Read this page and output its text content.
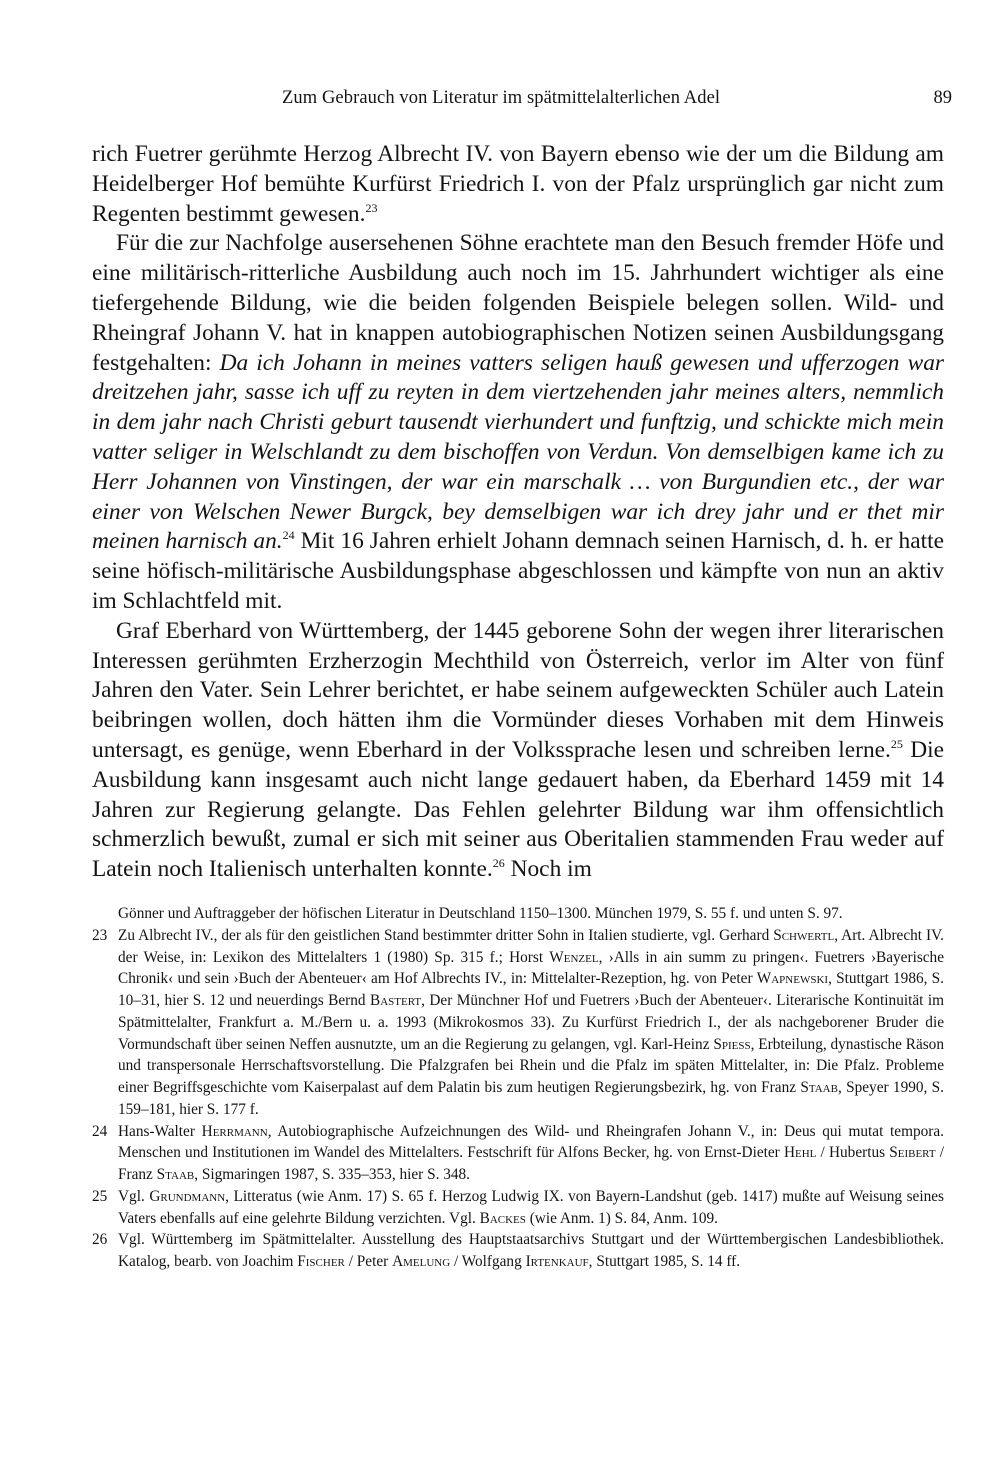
Zum Gebrauch von Literatur im spätmittelalterlichen Adel	89

rich Fuetrer gerühmte Herzog Albrecht IV. von Bayern ebenso wie der um die Bildung am Heidelberger Hof bemühte Kurfürst Friedrich I. von der Pfalz ursprünglich gar nicht zum Regenten bestimmt gewesen.$^{23}$

Für die zur Nachfolge ausersehenen Söhne erachtete man den Besuch fremder Höfe und eine militärisch-ritterliche Ausbildung auch noch im 15. Jahrhundert wichtiger als eine tiefergehende Bildung, wie die beiden folgenden Beispiele belegen sollen. Wild- und Rheingraf Johann V. hat in knappen autobiographischen Notizen seinen Ausbildungsgang festgehalten: Da ich Johann in meines vatters seligen hauß gewesen und ufferzogen war dreitzehen jahr, sasse ich uff zu reyten in dem viertzehenden jahr meines alters, nemmlich in dem jahr nach Christi geburt tausendt vierhundert und funftzig, und schickte mich mein vatter seliger in Welschlandt zu dem bischoffen von Verdun. Von demselbigen kame ich zu Herr Johannen von Vinstingen, der war ein marschalk … von Burgundien etc., der war einer von Welschen Newer Burgck, bey demselbigen war ich drey jahr und er thet mir meinen harnisch an.$^{24}$ Mit 16 Jahren erhielt Johann demnach seinen Harnisch, d. h. er hatte seine höfisch-militärische Ausbildungsphase abgeschlossen und kämpfte von nun an aktiv im Schlachtfeld mit.

Graf Eberhard von Württemberg, der 1445 geborene Sohn der wegen ihrer literarischen Interessen gerühmten Erzherzogin Mechthild von Österreich, verlor im Alter von fünf Jahren den Vater. Sein Lehrer berichtet, er habe seinem aufgeweckten Schüler auch Latein beibringen wollen, doch hätten ihm die Vormünder dieses Vorhaben mit dem Hinweis untersagt, es genüge, wenn Eberhard in der Volkssprache lesen und schreiben lerne.$^{25}$ Die Ausbildung kann insgesamt auch nicht lange gedauert haben, da Eberhard 1459 mit 14 Jahren zur Regierung gelangte. Das Fehlen gelehrter Bildung war ihm offensichtlich schmerzlich bewußt, zumal er sich mit seiner aus Oberitalien stammenden Frau weder auf Latein noch Italienisch unterhalten konnte.$^{26}$ Noch im

Gönner und Auftraggeber der höfischen Literatur in Deutschland 1150–1300. München 1979, S. 55 f. und unten S. 97.

23 Zu Albrecht IV., der als für den geistlichen Stand bestimmter dritter Sohn in Italien studierte, vgl. Gerhard Schwertl, Art. Albrecht IV. der Weise, in: Lexikon des Mittelalters 1 (1980) Sp. 315 f.; Horst Wenzel, ›Alls in ain summ zu pringen‹. Fuetrers ›Bayerische Chronik‹ und sein ›Buch der Abenteuer‹ am Hof Albrechts IV., in: Mittelalter-Rezeption, hg. von Peter Wapnewski, Stuttgart 1986, S. 10–31, hier S. 12 und neuerdings Bernd Bastert, Der Münchner Hof und Fuetrers ›Buch der Abenteuer‹. Literarische Kontinuität im Spätmittelalter, Frankfurt a. M./Bern u. a. 1993 (Mikrokosmos 33). Zu Kurfürst Friedrich I., der als nachgeborener Bruder die Vormundschaft über seinen Neffen ausnutzte, um an die Regierung zu gelangen, vgl. Karl-Heinz Spiess, Erbteilung, dynastische Räson und transpersonale Herrschaftsvorstellung. Die Pfalzgrafen bei Rhein und die Pfalz im späten Mittelalter, in: Die Pfalz. Probleme einer Begriffsgeschichte vom Kaiserpalast auf dem Palatin bis zum heutigen Regierungsbezirk, hg. von Franz Staab, Speyer 1990, S. 159–181, hier S. 177 f.
24 Hans-Walter Herrmann, Autobiographische Aufzeichnungen des Wild- und Rheingrafen Johann V., in: Deus qui mutat tempora. Menschen und Institutionen im Wandel des Mittelalters. Festschrift für Alfons Becker, hg. von Ernst-Dieter Hehl / Hubertus Seibert / Franz Staab, Sigmaringen 1987, S. 335–353, hier S. 348.
25 Vgl. Grundmann, Litteratus (wie Anm. 17) S. 65 f. Herzog Ludwig IX. von Bayern-Landshut (geb. 1417) mußte auf Weisung seines Vaters ebenfalls auf eine gelehrte Bildung verzichten. Vgl. Backes (wie Anm. 1) S. 84, Anm. 109.
26 Vgl. Württemberg im Spätmittelalter. Ausstellung des Hauptstaatsarchivs Stuttgart und der Württembergischen Landesbibliothek. Katalog, bearb. von Joachim Fischer / Peter Amelung / Wolfgang Irtenkauf, Stuttgart 1985, S. 14 ff.
